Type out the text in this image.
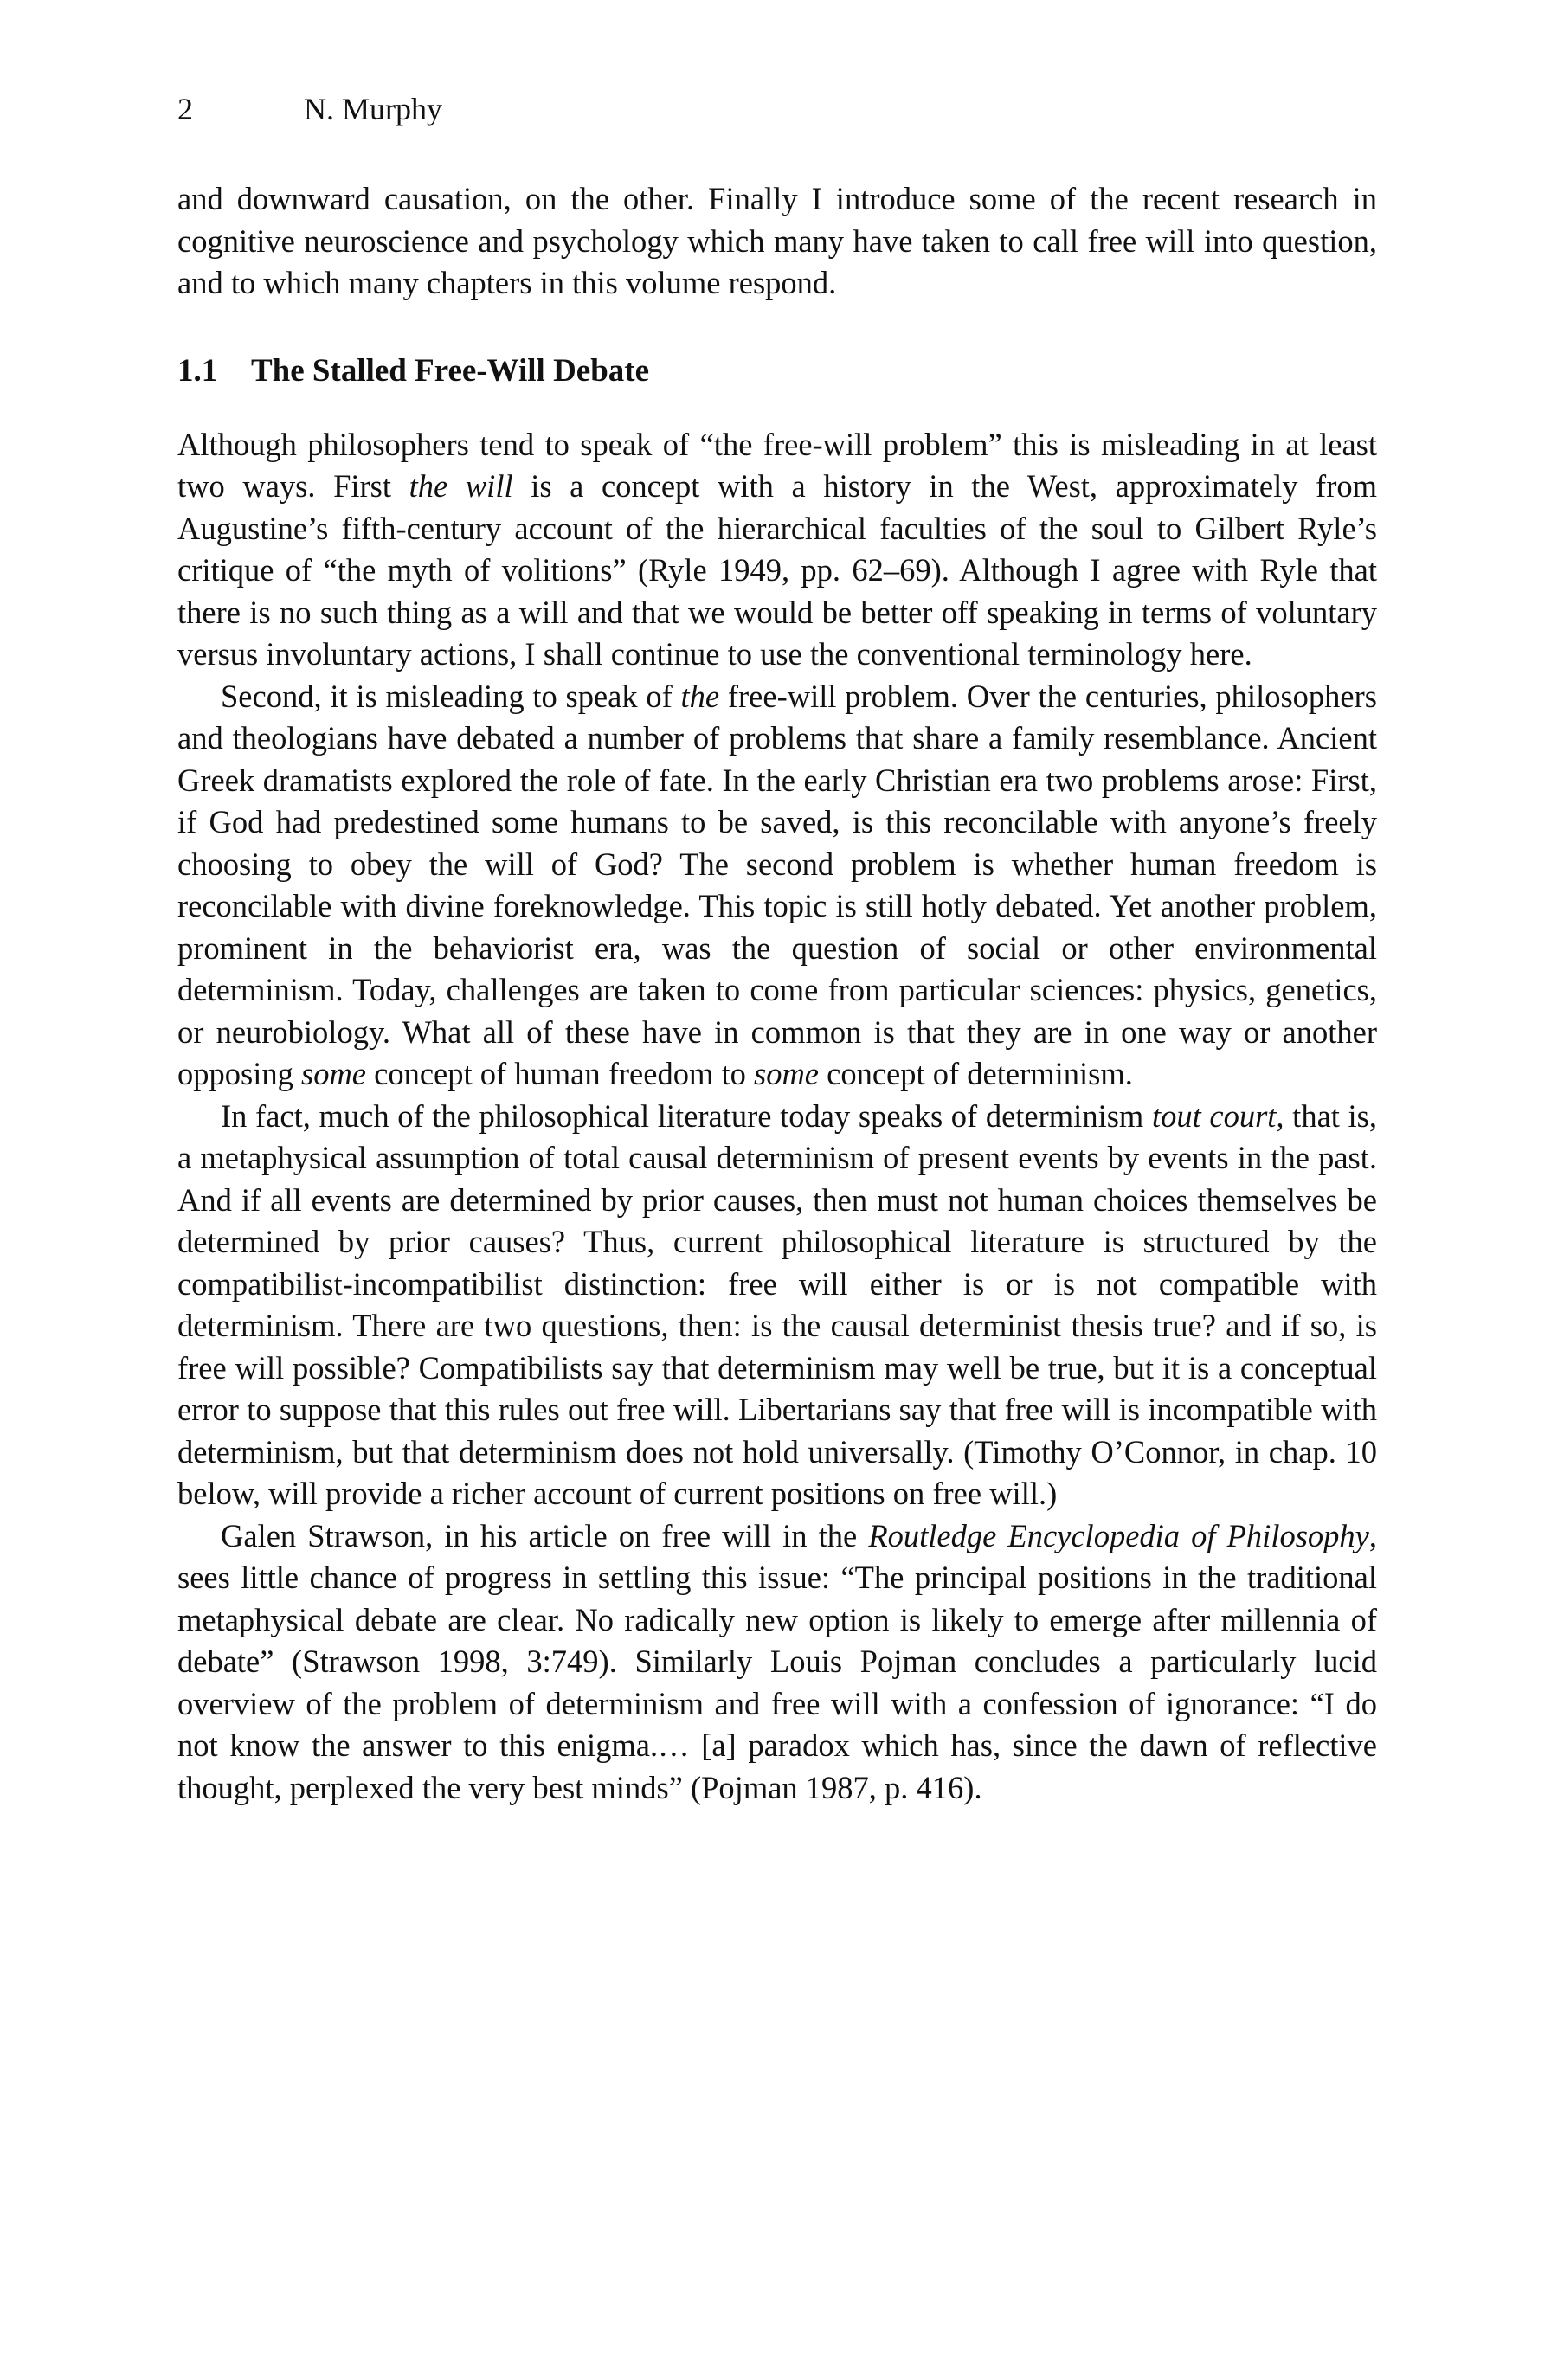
2	N. Murphy

and downward causation, on the other. Finally I introduce some of the recent research in cognitive neuroscience and psychology which many have taken to call free will into question, and to which many chapters in this volume respond.

1.1 The Stalled Free-Will Debate

Although philosophers tend to speak of “the free-will problem” this is misleading in at least two ways. First the will is a concept with a history in the West, approximately from Augustine’s fifth-century account of the hierarchical faculties of the soul to Gilbert Ryle’s critique of “the myth of volitions” (Ryle 1949, pp. 62–69). Although I agree with Ryle that there is no such thing as a will and that we would be better off speaking in terms of voluntary versus involuntary actions, I shall continue to use the conventional terminology here.

Second, it is misleading to speak of the free-will problem. Over the centuries, philosophers and theologians have debated a number of problems that share a family resemblance. Ancient Greek dramatists explored the role of fate. In the early Christian era two problems arose: First, if God had predestined some humans to be saved, is this reconcilable with anyone’s freely choosing to obey the will of God? The second problem is whether human freedom is reconcilable with divine foreknowledge. This topic is still hotly debated. Yet another problem, prominent in the behaviorist era, was the question of social or other environmental determinism. Today, challenges are taken to come from particular sciences: physics, genetics, or neurobiology. What all of these have in common is that they are in one way or another opposing some concept of human freedom to some concept of determinism.

In fact, much of the philosophical literature today speaks of determinism tout court, that is, a metaphysical assumption of total causal determinism of present events by events in the past. And if all events are determined by prior causes, then must not human choices themselves be determined by prior causes? Thus, current philosophical literature is structured by the compatibilist-incompatibilist distinction: free will either is or is not compatible with determinism. There are two questions, then: is the causal determinist thesis true? and if so, is free will possible? Compatibilists say that determinism may well be true, but it is a conceptual error to suppose that this rules out free will. Libertarians say that free will is incompatible with determinism, but that determinism does not hold universally. (Timothy O’Connor, in chap. 10 below, will provide a richer account of current positions on free will.)

Galen Strawson, in his article on free will in the Routledge Encyclopedia of Philosophy, sees little chance of progress in settling this issue: “The principal positions in the traditional metaphysical debate are clear. No radically new option is likely to emerge after millennia of debate” (Strawson 1998, 3:749). Similarly Louis Pojman concludes a particularly lucid overview of the problem of determinism and free will with a confession of ignorance: “I do not know the answer to this enigma.… [a] paradox which has, since the dawn of reflective thought, perplexed the very best minds” (Pojman 1987, p. 416).
